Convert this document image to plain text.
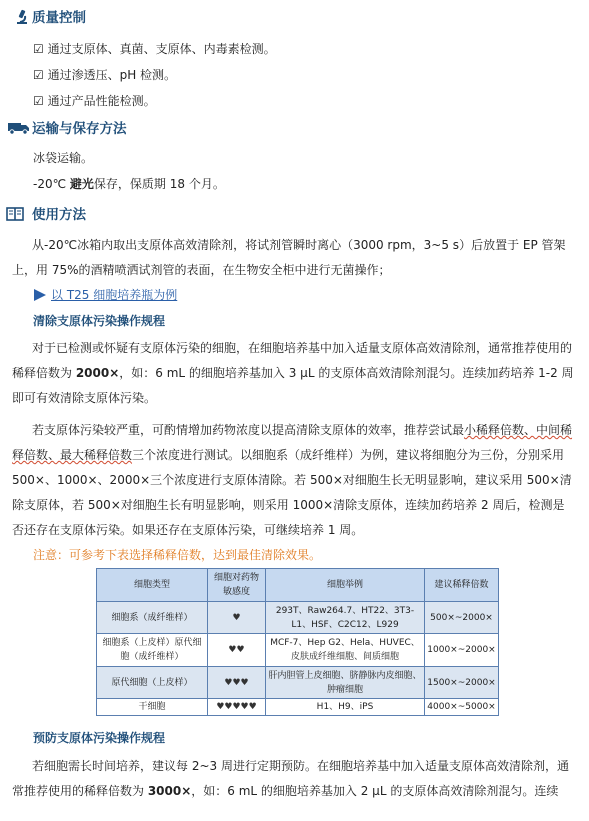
质量控制
☑ 通过支原体、真菌、支原体、内毒素检测。
☑ 通过渗透压、pH 检测。
☑ 通过产品性能检测。
运输与保存方法
冰袋运输。
-20℃ 避光保存，保质期 18 个月。
使用方法
从-20℃冰箱内取出支原体高效清除剂，将试剂管瞬时离心（3000 rpm，3~5 s）后放置于 EP 管架上，用 75%的酒精喷洒试剂管的表面，在生物安全柜中进行无菌操作；
以 T25 细胞培养瓶为例
清除支原体污染操作规程
对于已检测或怀疑有支原体污染的细胞，在细胞培养基中加入适量支原体高效清除剂，通常推荐使用的稀释倍数为 2000×，如：6 mL 的细胞培养基加入 3 μL 的支原体高效清除剂混匀。连续加药培养 1-2 周即可有效清除支原体污染。
若支原体污染较严重，可酌情增加药物浓度以提高清除支原体的效率，推荐尝试最小稀释倍数、中间稀释倍数、最大稀释倍数三个浓度进行测试。以细胞系（成纤维样）为例，建议将细胞分为三份，分别采用 500×、1000×、2000×三个浓度进行支原体清除。若 500×对细胞生长无明显影响，建议采用 500×清除支原体，若 500×对细胞生长有明显影响，则采用 1000×清除支原体，连续加药培养 2 周后，检测是否还存在支原体污染。如果还存在支原体污染，可继续培养 1 周。
注意：可参考下表选择稀释倍数，达到最佳清除效果。
细胞类型	细胞对药物敏感度	细胞举例	建议稀释倍数
细胞系（成纤维样）	♥	293T、Raw264.7、HT22、3T3-L1、HSF、C2C12、L929	500×~2000×
细胞系（上皮样）原代细胞（成纤维样）	♥♥	MCF-7、Hep G2、Hela、HUVEC、皮肤成纤维细胞、间质细胞	1000×~2000×
原代细胞（上皮样）	♥♥♥	肝内胆管上皮细胞、脐静脉内皮细胞、肿瘤细胞	1500×~2000×
干细胞	♥♥♥♥♥	H1、H9、iPS	4000×~5000×
预防支原体污染操作规程
若细胞需长时间培养，建议每 2~3 周进行定期预防。在细胞培养基中加入适量支原体高效清除剂，通常推荐使用的稀释倍数为 3000×，如：6 mL 的细胞培养基加入 2 μL 的支原体高效清除剂混匀。连续
